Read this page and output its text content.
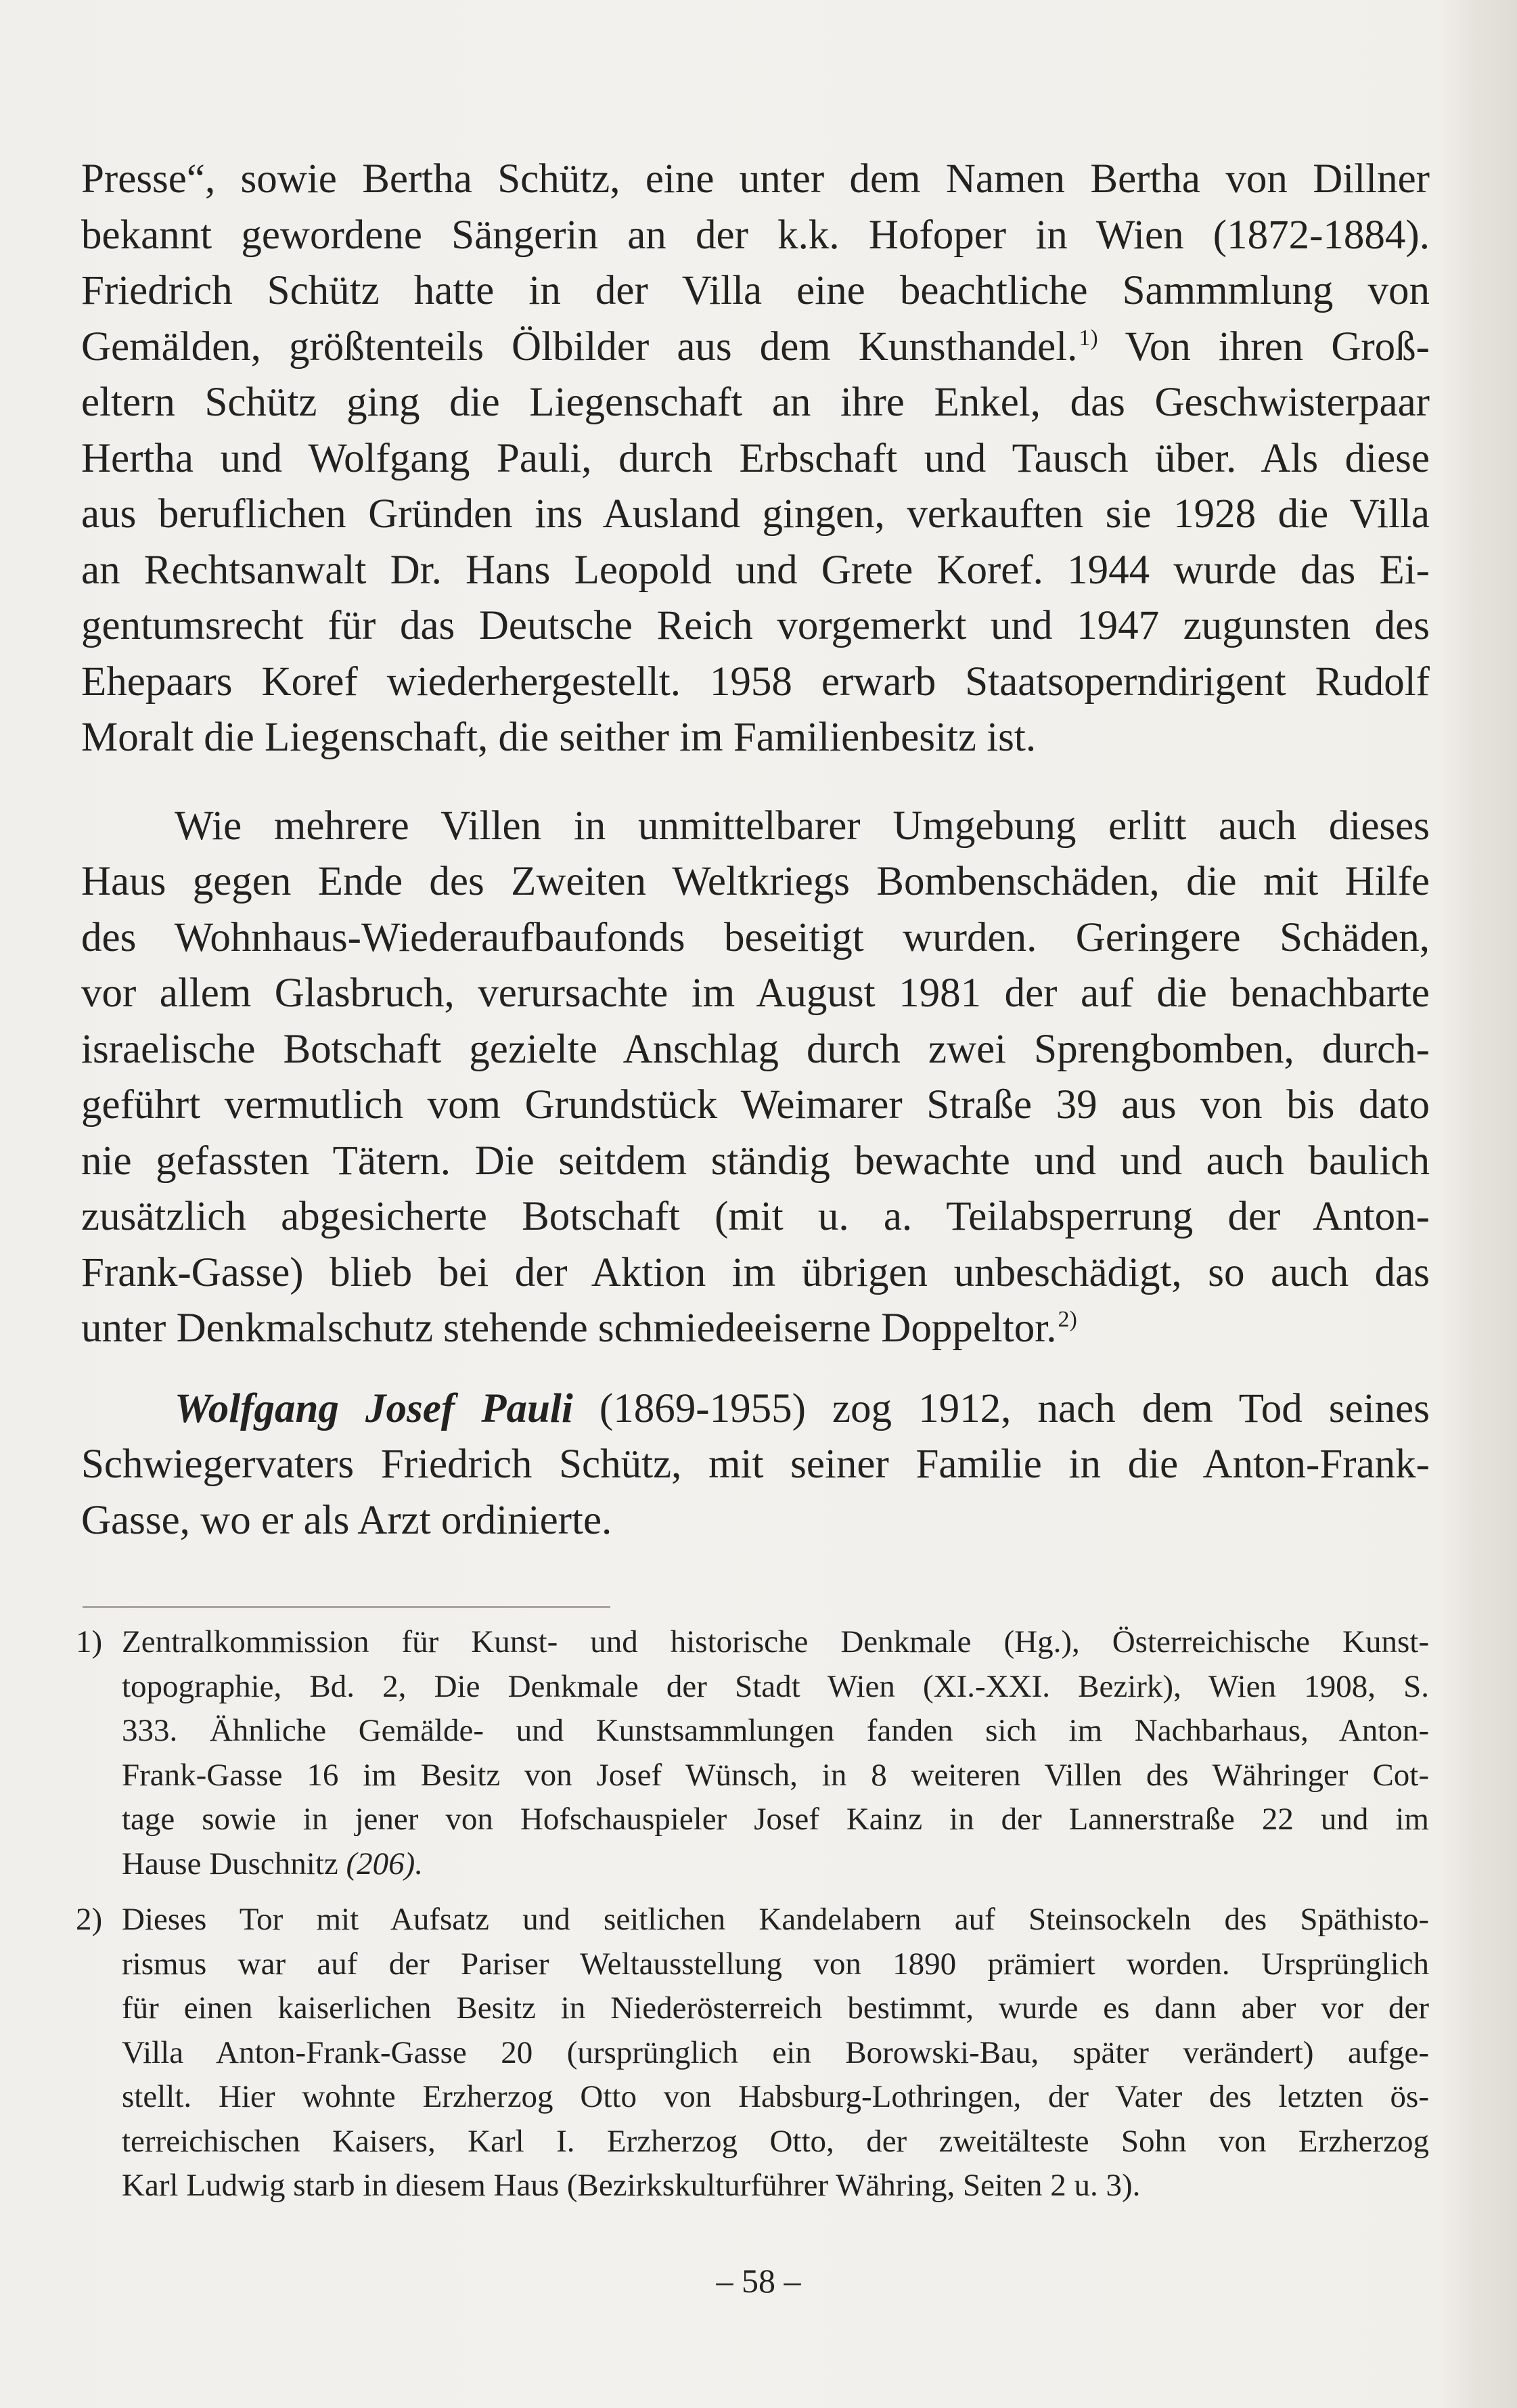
Presse“, sowie Bertha Schütz, eine unter dem Namen Bertha von Dillner
bekannt gewordene Sängerin an der k.k. Hofoper in Wien (1872-1884).
Friedrich Schütz hatte in der Villa eine beachtliche Sammmlung von
Gemälden, größtenteils Ölbilder aus dem Kunsthandel.$^{1)}$ Von ihren Groß-
eltern Schütz ging die Liegenschaft an ihre Enkel, das Geschwisterpaar
Hertha und Wolfgang Pauli, durch Erbschaft und Tausch über. Als diese
aus beruflichen Gründen ins Ausland gingen, verkauften sie 1928 die Villa
an Rechtsanwalt Dr. Hans Leopold und Grete Koref. 1944 wurde das Ei-
gentumsrecht für das Deutsche Reich vorgemerkt und 1947 zugunsten des
Ehepaars Koref wiederhergestellt. 1958 erwarb Staatsoperndirigent Rudolf
Moralt die Liegenschaft, die seither im Familienbesitz ist.
Wie mehrere Villen in unmittelbarer Umgebung erlitt auch dieses
Haus gegen Ende des Zweiten Weltkriegs Bombenschäden, die mit Hilfe
des Wohnhaus-Wiederaufbaufonds beseitigt wurden. Geringere Schäden,
vor allem Glasbruch, verursachte im August 1981 der auf die benachbarte
israelische Botschaft gezielte Anschlag durch zwei Sprengbomben, durch-
geführt vermutlich vom Grundstück Weimarer Straße 39 aus von bis dato
nie gefassten Tätern. Die seitdem ständig bewachte und und auch baulich
zusätzlich abgesicherte Botschaft (mit u. a. Teilabsperrung der Anton-
Frank-Gasse) blieb bei der Aktion im übrigen unbeschädigt, so auch das
unter Denkmalschutz stehende schmiedeeiserne Doppeltor.$^{2)}$
Wolfgang Josef Pauli (1869-1955) zog 1912, nach dem Tod seines
Schwiegervaters Friedrich Schütz, mit seiner Familie in die Anton-Frank-
Gasse, wo er als Arzt ordinierte.
1) Zentralkommission für Kunst- und historische Denkmale (Hg.), Österreichische Kunst-
topographie, Bd. 2, Die Denkmale der Stadt Wien (XI.-XXI. Bezirk), Wien 1908, S.
333. Ähnliche Gemälde- und Kunstsammlungen fanden sich im Nachbarhaus, Anton-
Frank-Gasse 16 im Besitz von Josef Wünsch, in 8 weiteren Villen des Währinger Cot-
tage sowie in jener von Hofschauspieler Josef Kainz in der Lannerstraße 22 und im
Hause Duschnitz (206).
2) Dieses Tor mit Aufsatz und seitlichen Kandelabern auf Steinsockeln des Späthisto-
rismus war auf der Pariser Weltausstellung von 1890 prämiert worden. Ursprünglich
für einen kaiserlichen Besitz in Niederösterreich bestimmt, wurde es dann aber vor der
Villa Anton-Frank-Gasse 20 (ursprünglich ein Borowski-Bau, später verändert) aufge-
stellt. Hier wohnte Erzherzog Otto von Habsburg-Lothringen, der Vater des letzten ös-
terreichischen Kaisers, Karl I. Erzherzog Otto, der zweitälteste Sohn von Erzherzog
Karl Ludwig starb in diesem Haus (Bezirkskulturführer Währing, Seiten 2 u. 3).
– 58 –
